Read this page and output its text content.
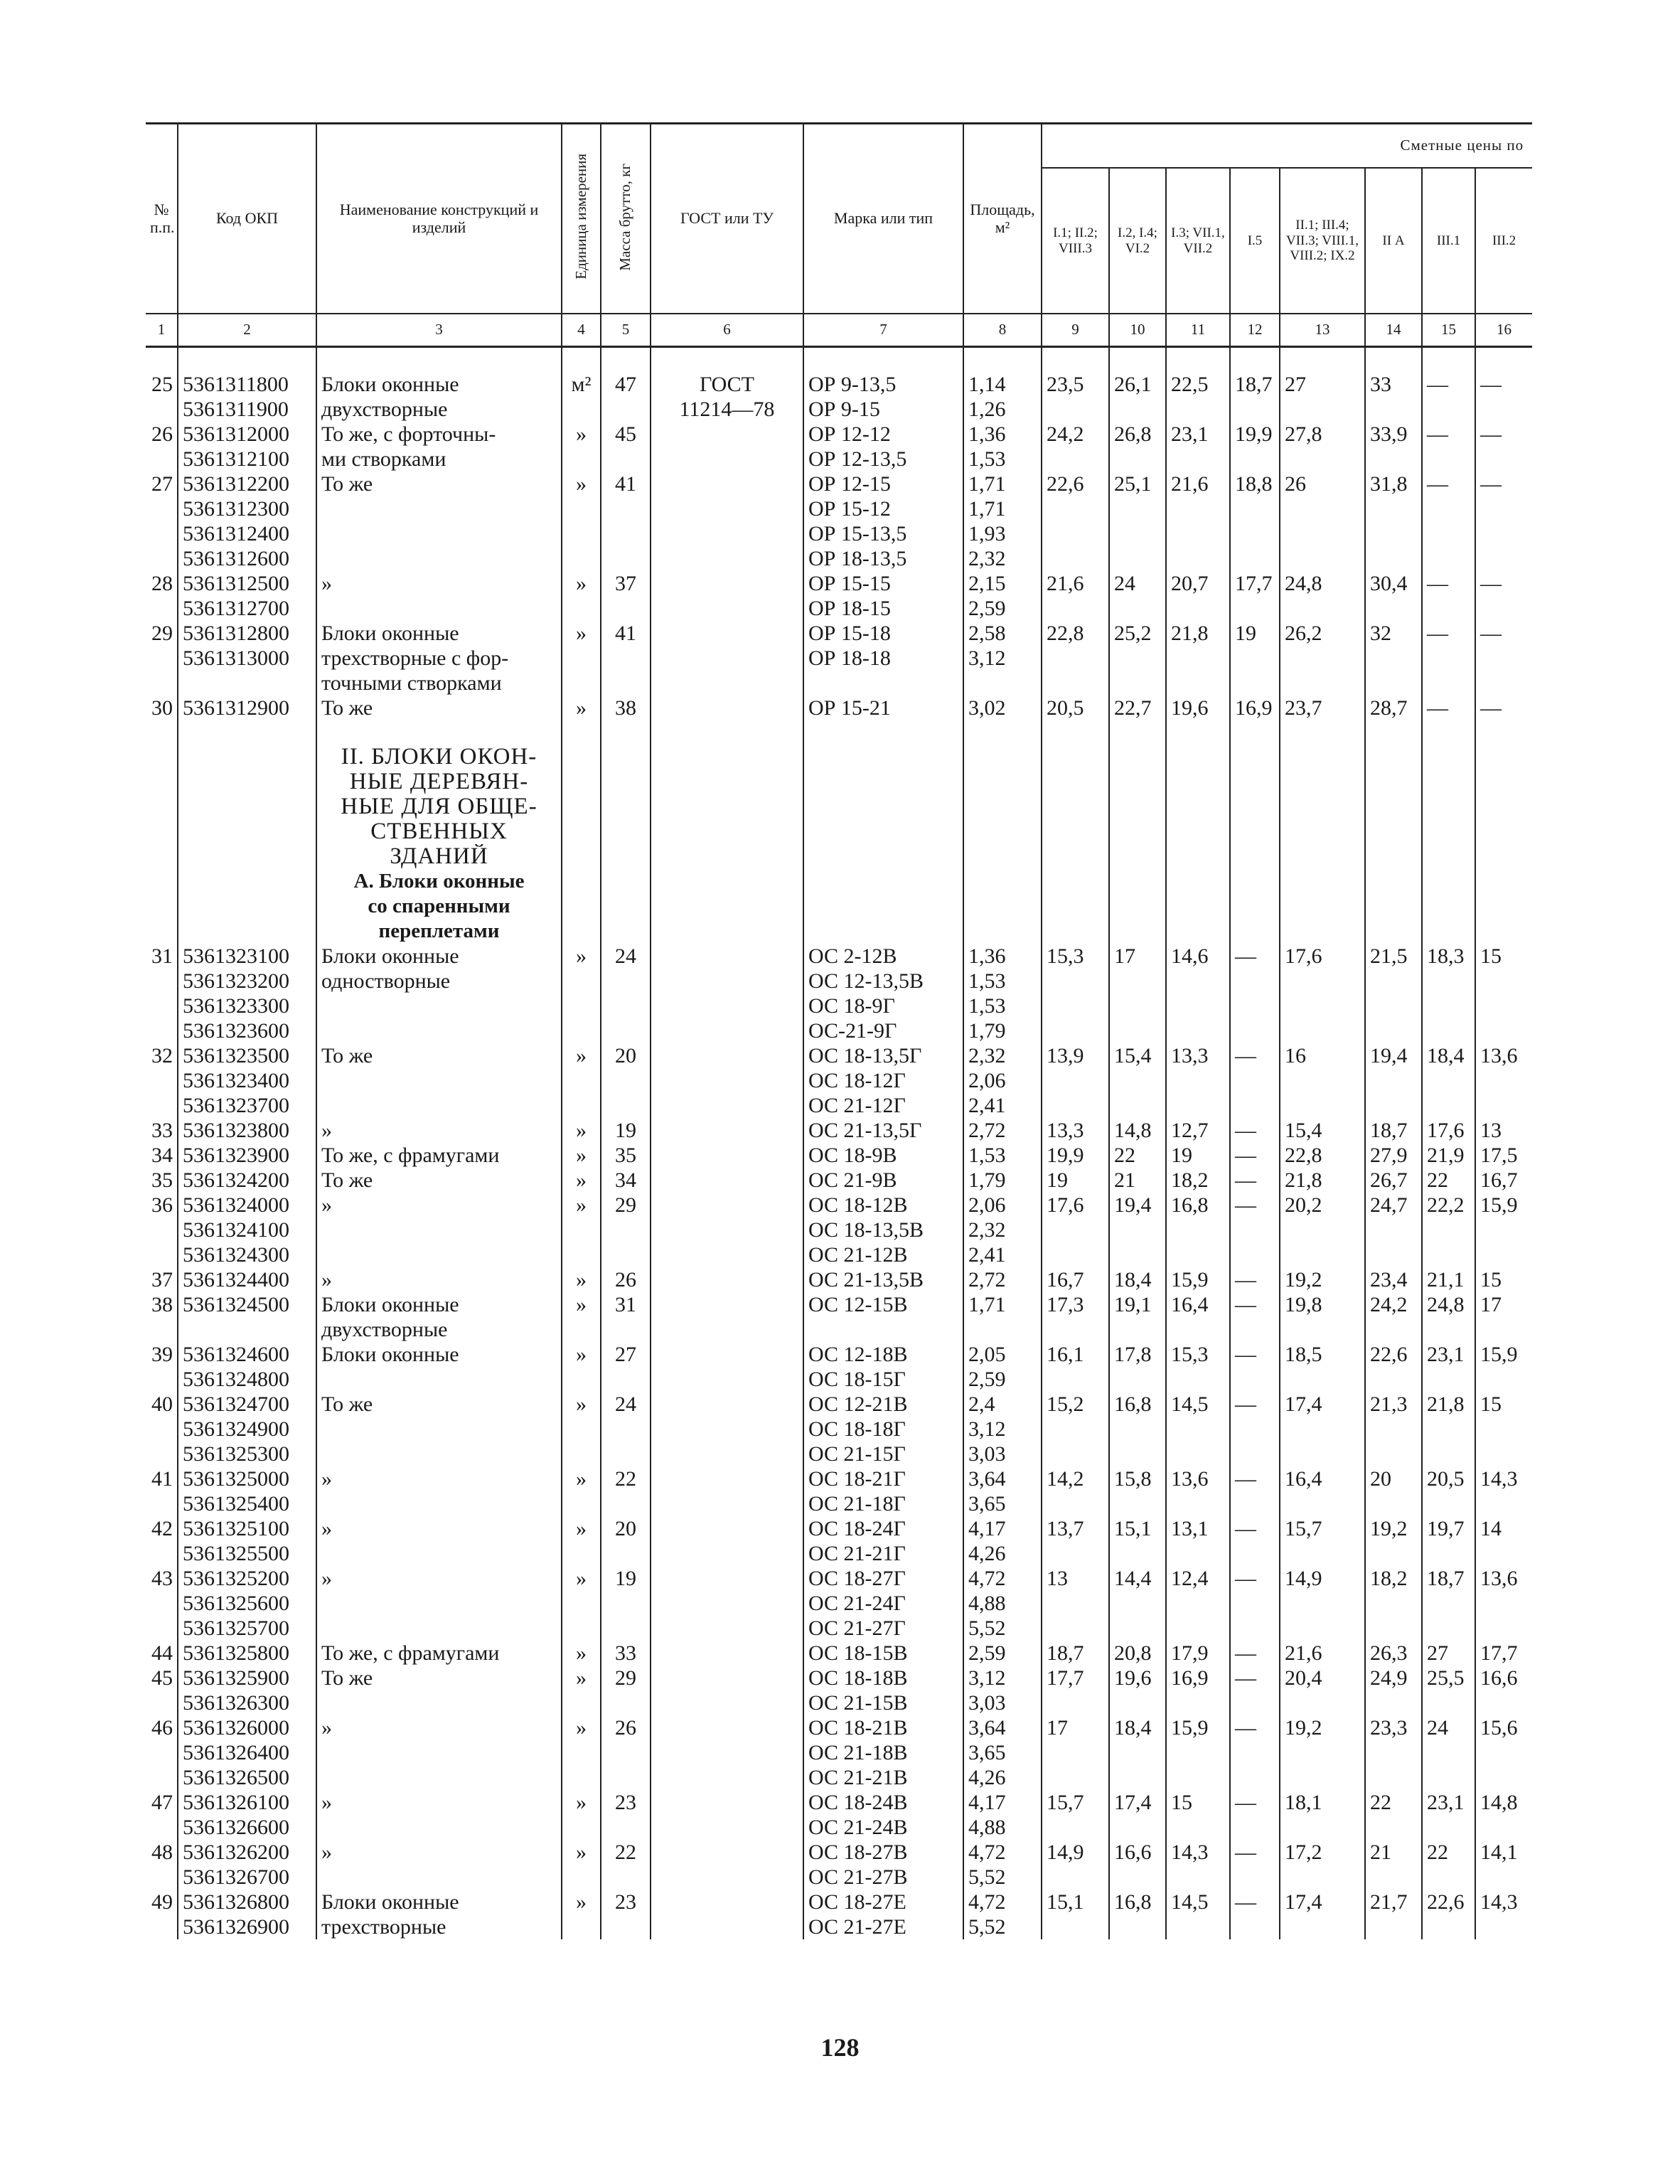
№ п.п.	Код ОКП	Наименование конструкций и изделий	Единица измерения	Масса брутто, кг	ГОСТ или ТУ	Марка или тип	Площадь, м²	Сметные цены по							
								I.1; II.2; VIII.3	I.2, I.4; VI.2	I.3; VII.1, VII.2	I.5	II.1; III.4; VII.3; VIII.1, VIII.2; IX.2	II А	III.1	III.2
1	2	3	4	5	6	7	8	9	10	11	12	13	14	15	16

25	5361311800	Блоки оконные	м²	47	ГОСТ	ОР 9-13,5	1,14	23,5	26,1	22,5	18,7	27	33	—	—
	5361311900	двухстворные			11214—78	ОР 9-15	1,26								
26	5361312000	То же, с форточны-	»	45		ОР 12-12	1,36	24,2	26,8	23,1	19,9	27,8	33,9	—	—
	5361312100	ми створками				ОР 12-13,5	1,53								
27	5361312200	То же	»	41		ОР 12-15	1,71	22,6	25,1	21,6	18,8	26	31,8	—	—
	5361312300					ОР 15-12	1,71								
	5361312400					ОР 15-13,5	1,93								
	5361312600					ОР 18-13,5	2,32								
28	5361312500	»	»	37		ОР 15-15	2,15	21,6	24	20,7	17,7	24,8	30,4	—	—
	5361312700					ОР 18-15	2,59								
29	5361312800	Блоки оконные	»	41		ОР 15-18	2,58	22,8	25,2	21,8	19	26,2	32	—	—
	5361313000	трехстворные с фор-				ОР 18-18	3,12								
		точными створками													
30	5361312900	То же	»	38		ОР 15-21	3,02	20,5	22,7	19,6	16,9	23,7	28,7	—	—

		II. БЛОКИ ОКОН-													
		НЫЕ ДЕРЕВЯН-													
		НЫЕ ДЛЯ ОБЩЕ-													
		СТВЕННЫХ													
		ЗДАНИЙ													
		А. Блоки оконные													
		со спаренными													
		переплетами													
31	5361323100	Блоки оконные	»	24		ОС 2-12В	1,36	15,3	17	14,6	—	17,6	21,5	18,3	15
	5361323200	одностворные				ОС 12-13,5В	1,53								
	5361323300					ОС 18-9Г	1,53								
	5361323600					ОС-21-9Г	1,79								
32	5361323500	То же	»	20		ОС 18-13,5Г	2,32	13,9	15,4	13,3	—	16	19,4	18,4	13,6
	5361323400					ОС 18-12Г	2,06								
	5361323700					ОС 21-12Г	2,41								
33	5361323800	»	»	19		ОС 21-13,5Г	2,72	13,3	14,8	12,7	—	15,4	18,7	17,6	13
34	5361323900	То же, с фрамугами	»	35		ОС 18-9В	1,53	19,9	22	19	—	22,8	27,9	21,9	17,5
35	5361324200	То же	»	34		ОС 21-9В	1,79	19	21	18,2	—	21,8	26,7	22	16,7
36	5361324000	»	»	29		ОС 18-12В	2,06	17,6	19,4	16,8	—	20,2	24,7	22,2	15,9
	5361324100					ОС 18-13,5В	2,32								
	5361324300					ОС 21-12В	2,41								
37	5361324400	»	»	26		ОС 21-13,5В	2,72	16,7	18,4	15,9	—	19,2	23,4	21,1	15
38	5361324500	Блоки оконные	»	31		ОС 12-15В	1,71	17,3	19,1	16,4	—	19,8	24,2	24,8	17
		двухстворные													
39	5361324600	Блоки оконные	»	27		ОС 12-18В	2,05	16,1	17,8	15,3	—	18,5	22,6	23,1	15,9
	5361324800					ОС 18-15Г	2,59								
40	5361324700	То же	»	24		ОС 12-21В	2,4	15,2	16,8	14,5	—	17,4	21,3	21,8	15
	5361324900					ОС 18-18Г	3,12								
	5361325300					ОС 21-15Г	3,03								
41	5361325000	»	»	22		ОС 18-21Г	3,64	14,2	15,8	13,6	—	16,4	20	20,5	14,3
	5361325400					ОС 21-18Г	3,65								
42	5361325100	»	»	20		ОС 18-24Г	4,17	13,7	15,1	13,1	—	15,7	19,2	19,7	14
	5361325500					ОС 21-21Г	4,26								
43	5361325200	»	»	19		ОС 18-27Г	4,72	13	14,4	12,4	—	14,9	18,2	18,7	13,6
	5361325600					ОС 21-24Г	4,88								
	5361325700					ОС 21-27Г	5,52								
44	5361325800	То же, с фрамугами	»	33		ОС 18-15В	2,59	18,7	20,8	17,9	—	21,6	26,3	27	17,7
45	5361325900	То же	»	29		ОС 18-18В	3,12	17,7	19,6	16,9	—	20,4	24,9	25,5	16,6
	5361326300					ОС 21-15В	3,03								
46	5361326000	»	»	26		ОС 18-21В	3,64	17	18,4	15,9	—	19,2	23,3	24	15,6
	5361326400					ОС 21-18В	3,65								
	5361326500					ОС 21-21В	4,26								
47	5361326100	»	»	23		ОС 18-24В	4,17	15,7	17,4	15	—	18,1	22	23,1	14,8
	5361326600					ОС 21-24В	4,88								
48	5361326200	»	»	22		ОС 18-27В	4,72	14,9	16,6	14,3	—	17,2	21	22	14,1
	5361326700					ОС 21-27В	5,52								
49	5361326800	Блоки оконные	»	23		ОС 18-27Е	4,72	15,1	16,8	14,5	—	17,4	21,7	22,6	14,3
	5361326900	трехстворные				ОС 21-27Е	5,52								
128
